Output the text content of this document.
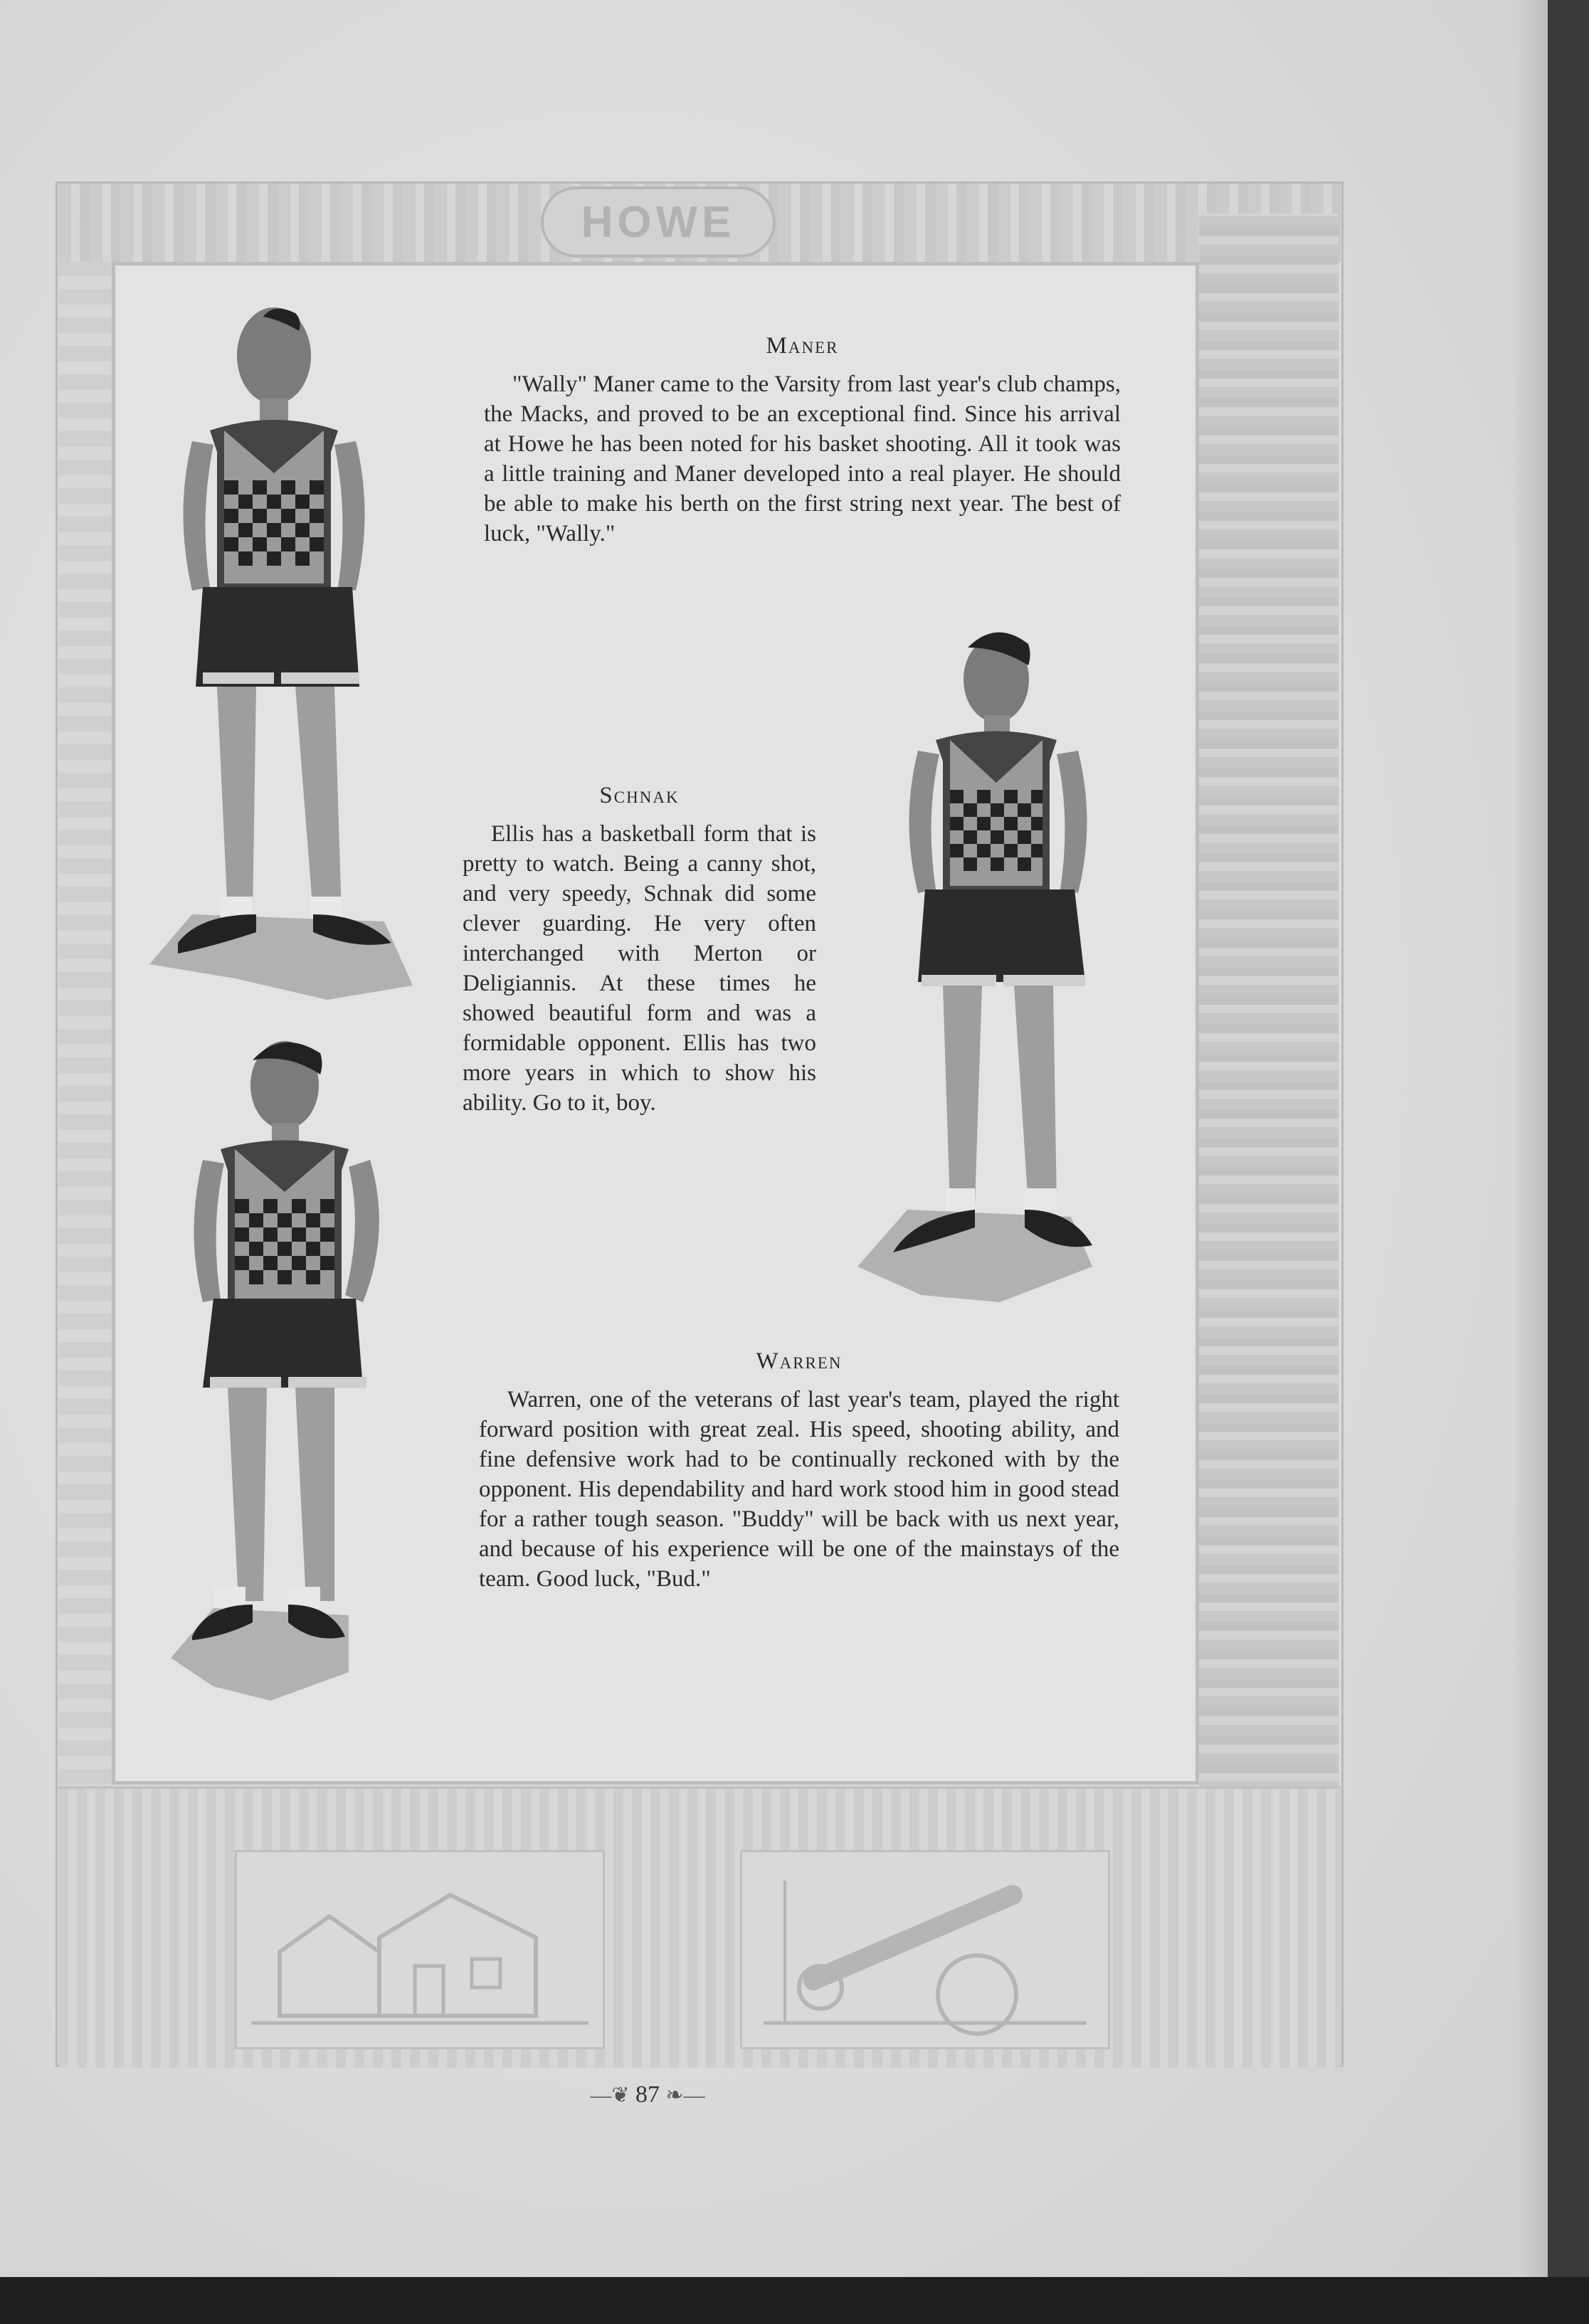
HOWE
Maner

"Wally" Maner came to the Varsity from last year's club champs, the Macks, and proved to be an exceptional find. Since his arrival at Howe he has been noted for his basket shooting. All it took was a little training and Maner developed into a real player. He should be able to make his berth on the first string next year. The best of luck, "Wally."

Schnak

Ellis has a basketball form that is pretty to watch. Being a canny shot, and very speedy, Schnak did some clever guarding. He very often interchanged with Merton or Deligiannis. At these times he showed beautiful form and was a formidable opponent. Ellis has two more years in which to show his ability. Go to it, boy.

Warren

Warren, one of the veterans of last year's team, played the right forward position with great zeal. His speed, shooting ability, and fine defensive work had to be continually reckoned with by the opponent. His dependability and hard work stood him in good stead for a rather tough season. "Buddy" will be back with us next year, and because of his experience will be one of the mainstays of the team. Good luck, "Bud."

—❦ 87 ❧—
